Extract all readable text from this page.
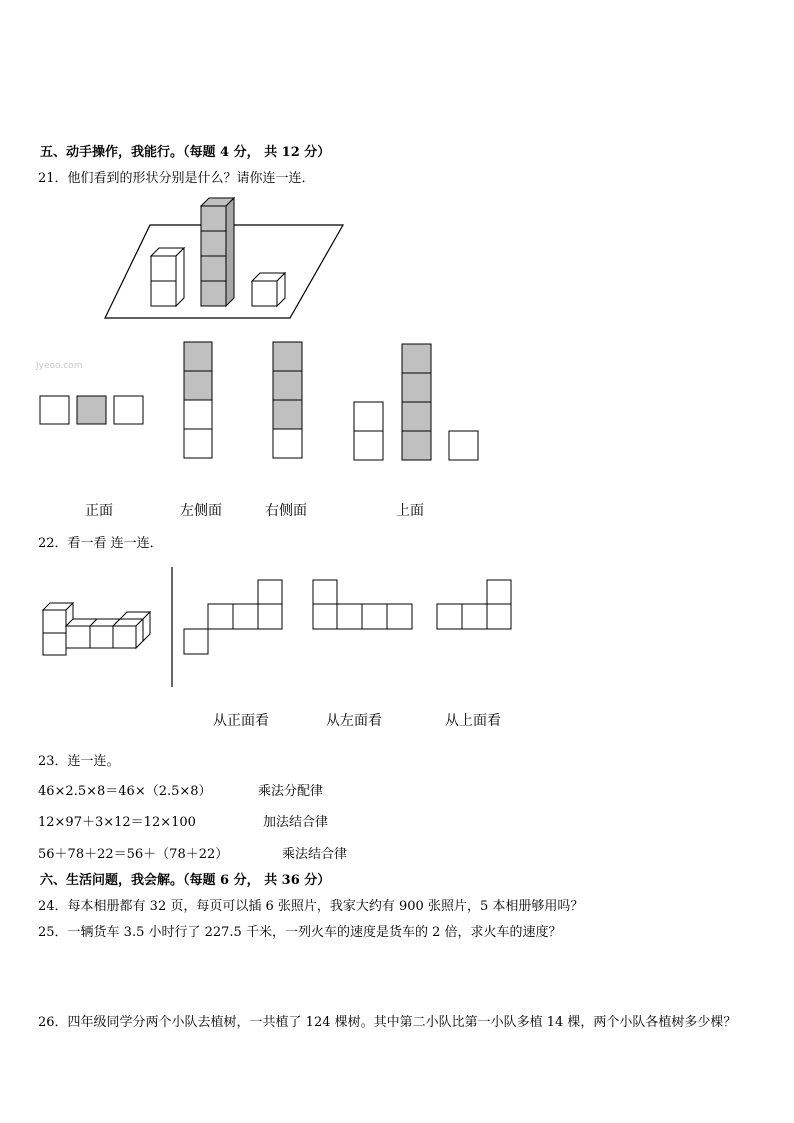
五、动手操作，我能行。（每题 4 分， 共 12 分）
21．他们看到的形状分别是什么？请你连一连．
Jyeoo.com
正面	左侧面	右侧面	上面
22．看一看 连一连．
从正面看	从左面看	从上面看
23．连一连。
46×2.5×8＝46×（2.5×8）	乘法分配律
12×97＋3×12＝12×100	加法结合律
56＋78＋22＝56＋（78＋22）	乘法结合律
六、生活问题，我会解。（每题 6 分， 共 36 分）
24．每本相册都有 32 页，每页可以插 6 张照片，我家大约有 900 张照片，5 本相册够用吗？
25．一辆货车 3.5 小时行了 227.5 千米，一列火车的速度是货车的 2 倍，求火车的速度？
26．四年级同学分两个小队去植树，一共植了 124 棵树。其中第二小队比第一小队多植 14 棵，两个小队各植树多少棵？
